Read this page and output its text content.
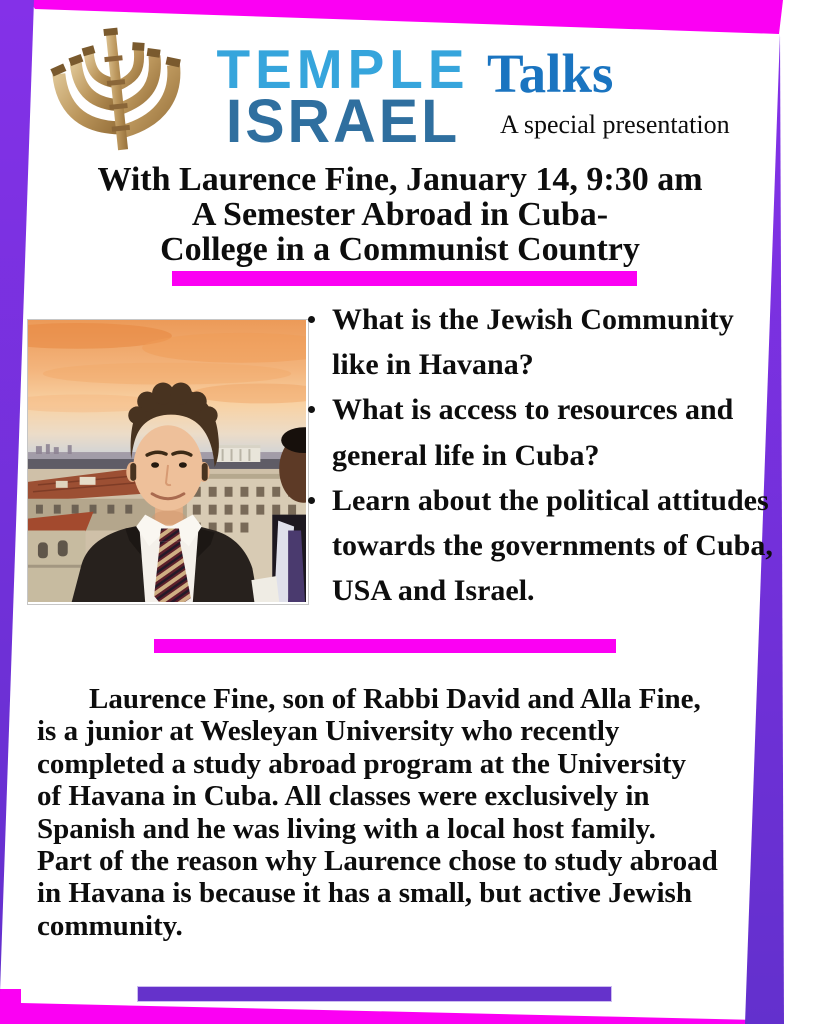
TEMPLE
ISRAEL
Talks
A special presentation
With Laurence Fine, January 14, 9:30 am
A Semester Abroad in Cuba-
College in a Communist Country
What is the Jewish Community
like in Havana?
What is access to resources and
general life in Cuba?
Learn about the political attitudes
towards the governments of Cuba,
USA and Israel.
Laurence Fine, son of Rabbi David and Alla Fine,
is a junior at Wesleyan University who recently
completed a study abroad program at the University
of Havana in Cuba. All classes were exclusively in
Spanish and he was living with a local host family.
Part of the reason why Laurence chose to study abroad
in Havana is because it has a small, but active Jewish
community.
